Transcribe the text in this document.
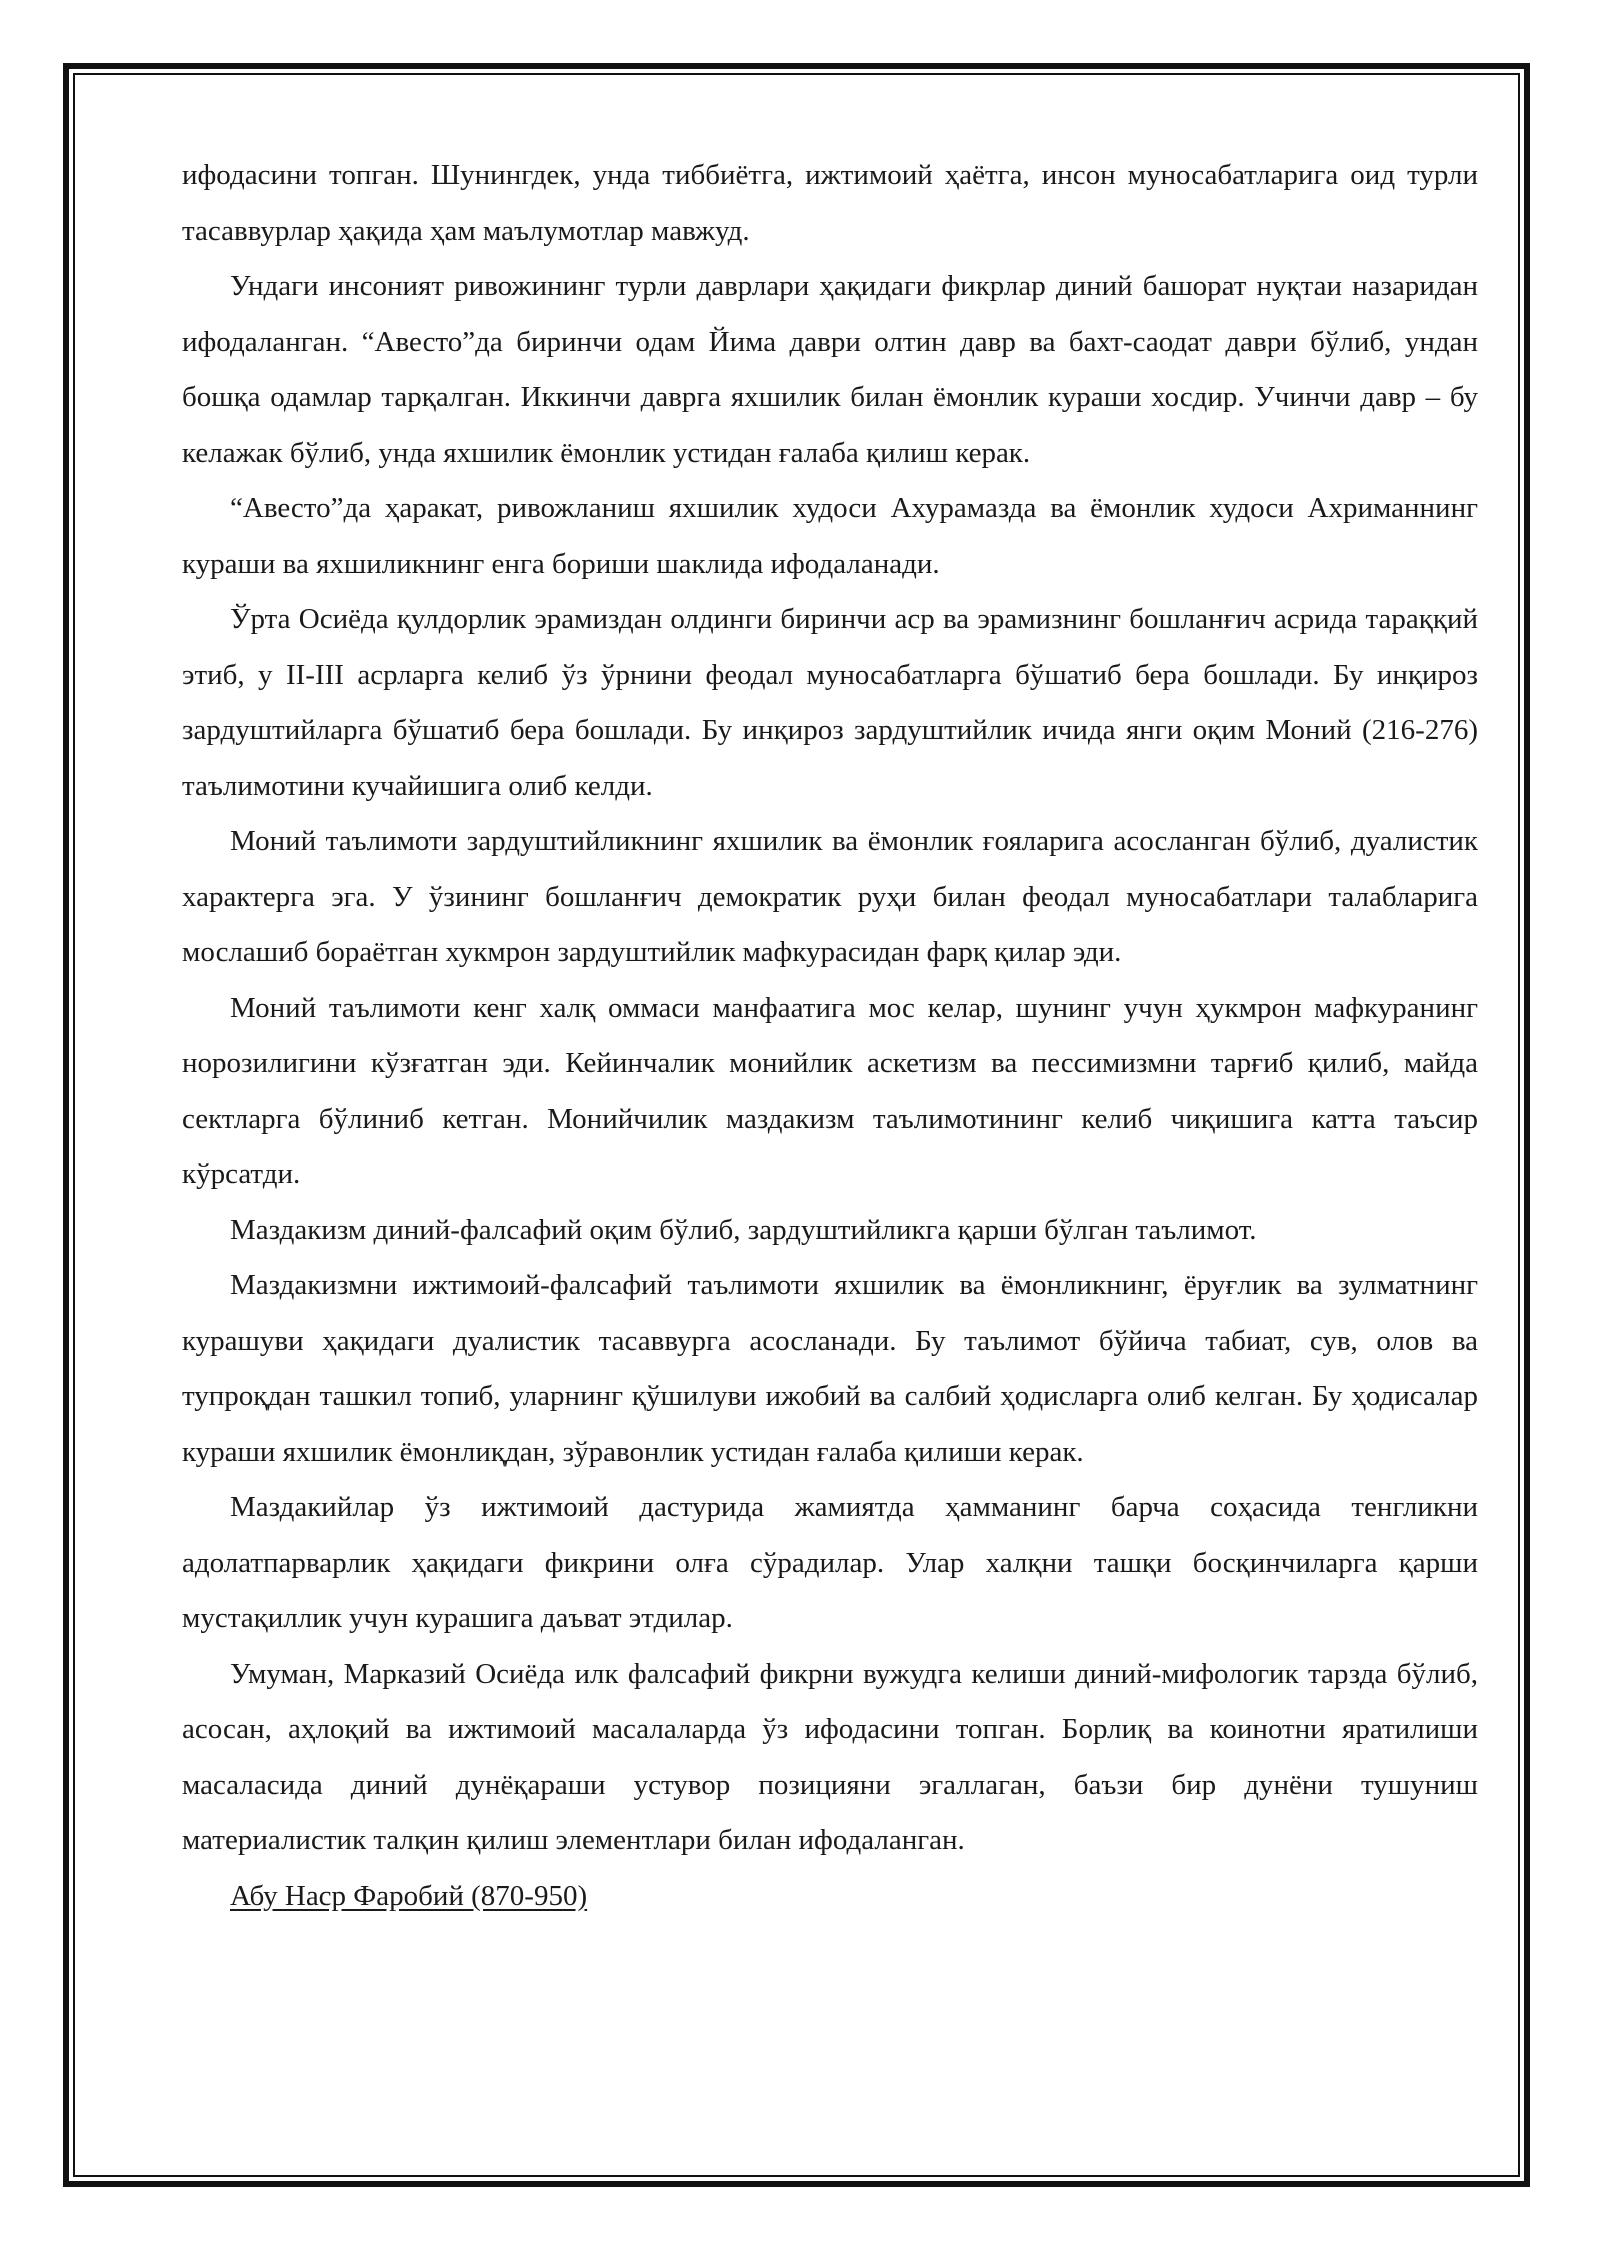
ифодасини топган. Шунингдек, унда тиббиётга, ижтимоий ҳаётга, инсон муносабатларига оид турли тасаввурлар ҳақида ҳам маълумотлар мавжуд.

Ундаги инсоният ривожининг турли даврлари ҳақидаги фикрлар диний башорат нуқтаи назаридан ифодаланган. “Авесто”да биринчи одам Йима даври олтин давр ва бахт-саодат даври бўлиб, ундан бошқа одамлар тарқалган. Иккинчи даврга яхшилик билан ёмонлик кураши хосдир. Учинчи давр – бу келажак бўлиб, унда яхшилик ёмонлик устидан ғалаба қилиш керак.

“Авесто”да ҳаракат, ривожланиш яхшилик худоси Ахурамазда ва ёмонлик худоси Ахриманнинг кураши ва яхшиликнинг енга бориши шаклида ифодаланади.

Ўрта Осиёда қулдорлик эрамиздан олдинги биринчи аср ва эрамизнинг бошланғич асрида тараққий этиб, у II-III асрларга келиб ўз ўрнини феодал муносабатларга бўшатиб бера бошлади. Бу инқироз зардуштийларга бўшатиб бера бошлади. Бу инқироз зардуштийлик ичида янги оқим Моний (216-276) таълимотини кучайишига олиб келди.

Моний таълимоти зардуштийликнинг яхшилик ва ёмонлик ғояларига асосланган бўлиб, дуалистик характерга эга. У ўзининг бошланғич демократик руҳи билан феодал муносабатлари талабларига мослашиб бораётган хукмрон зардуштийлик мафкурасидан фарқ қилар эди.

Моний таълимоти кенг халқ оммаси манфаатига мос келар, шунинг учун ҳукмрон мафкуранинг норозилигини кўзғатган эди. Кейинчалик монийлик аскетизм ва пессимизмни тарғиб қилиб, майда сектларга бўлиниб кетган. Монийчилик маздакизм таълимотининг келиб чиқишига катта таъсир кўрсатди.

Маздакизм диний-фалсафий оқим бўлиб, зардуштийликга қарши бўлган таълимот.

Маздакизмни ижтимоий-фалсафий таълимоти яхшилик ва ёмонликнинг, ёруғлик ва зулматнинг курашуви ҳақидаги дуалистик тасаввурга асосланади. Бу таълимот бўйича табиат, сув, олов ва тупроқдан ташкил топиб, уларнинг қўшилуви ижобий ва салбий ҳодисларга олиб келган. Бу ҳодисалар кураши яхшилик ёмонлиқдан, зўравонлик устидан ғалаба қилиши керак.

Маздакийлар ўз ижтимоий дастурида жамиятда ҳамманинг барча соҳасида тенгликни адолатпарварлик ҳақидаги фикрини олға сўрадилар. Улар халқни ташқи босқинчиларга қарши мустақиллик учун курашига даъват этдилар.

Умуман, Марказий Осиёда илк фалсафий фикрни вужудга келиши диний-мифологик тарзда бўлиб, асосан, аҳлоқий ва ижтимоий масалаларда ўз ифодасини топган. Борлиқ ва коинотни яратилиши масаласида диний дунёқараши устувор позицияни эгаллаган, баъзи бир дунёни тушуниш материалистик талқин қилиш элементлари билан ифодаланган.

Абу Наср Фаробий (870-950)
